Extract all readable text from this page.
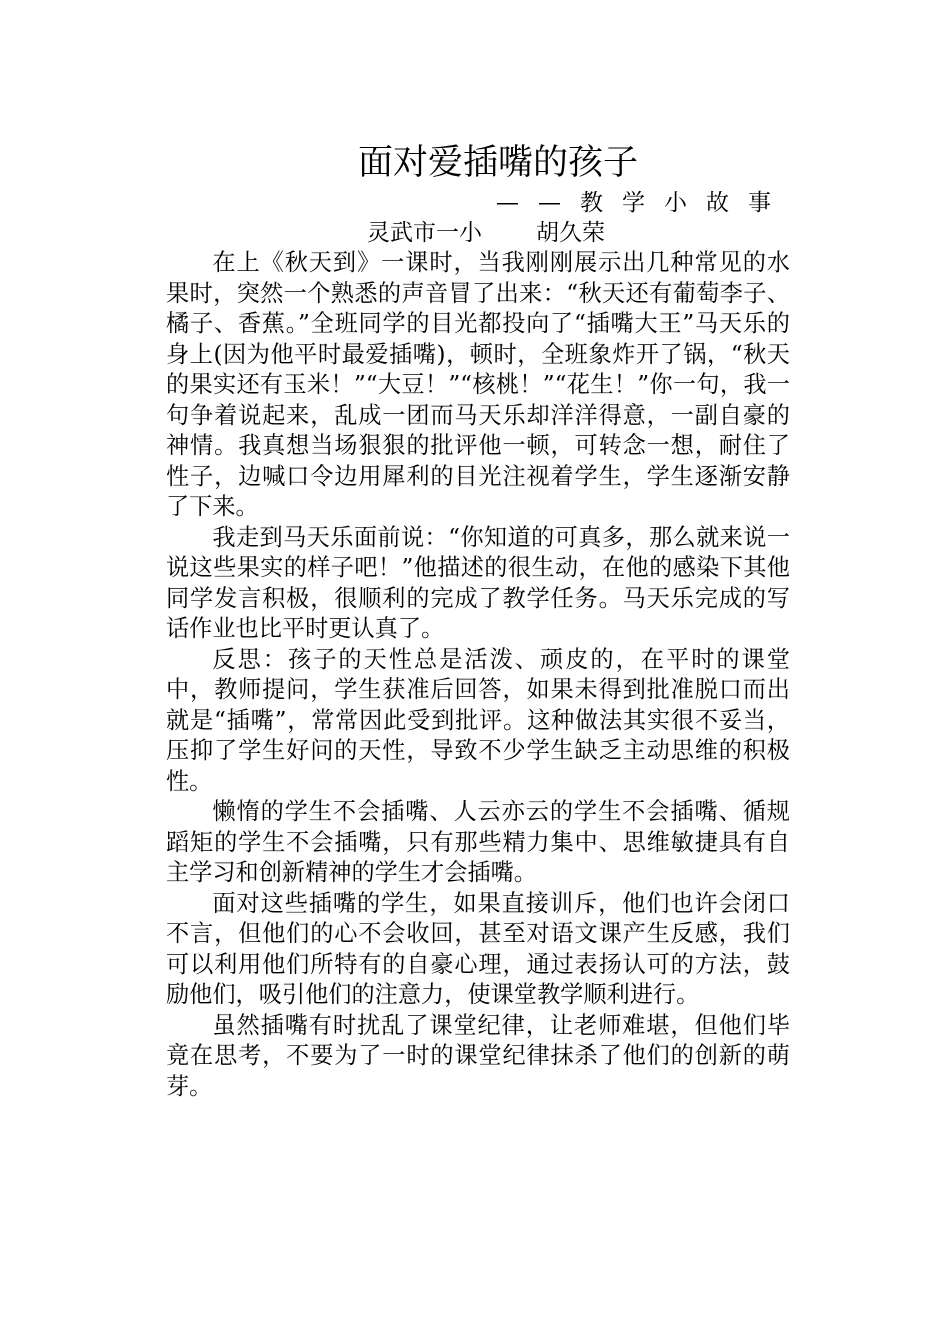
面对爱插嘴的孩子
——教学小故事
灵武市一小 胡久荣

在上《秋天到》一课时，当我刚刚展示出几种常见的水果时，突然一个熟悉的声音冒了出来：“秋天还有葡萄李子、橘子、香蕉。”全班同学的目光都投向了“插嘴大王”马天乐的身上(因为他平时最爱插嘴)，顿时，全班象炸开了锅，“秋天的果实还有玉米！”“大豆！”“核桃！”“花生！”你一句，我一句争着说起来，乱成一团而马天乐却洋洋得意，一副自豪的神情。我真想当场狠狠的批评他一顿，可转念一想，耐住了性子，边喊口令边用犀利的目光注视着学生，学生逐渐安静了下来。

我走到马天乐面前说：“你知道的可真多，那么就来说一说这些果实的样子吧！”他描述的很生动，在他的感染下其他同学发言积极，很顺利的完成了教学任务。马天乐完成的写话作业也比平时更认真了。

反思：孩子的天性总是活泼、顽皮的，在平时的课堂中，教师提问，学生获准后回答，如果未得到批准脱口而出就是“插嘴”，常常因此受到批评。这种做法其实很不妥当，压抑了学生好问的天性，导致不少学生缺乏主动思维的积极性。

懒惰的学生不会插嘴、人云亦云的学生不会插嘴、循规蹈矩的学生不会插嘴，只有那些精力集中、思维敏捷具有自主学习和创新精神的学生才会插嘴。

面对这些插嘴的学生，如果直接训斥，他们也许会闭口不言，但他们的心不会收回，甚至对语文课产生反感，我们可以利用他们所特有的自豪心理，通过表扬认可的方法，鼓励他们，吸引他们的注意力，使课堂教学顺利进行。

虽然插嘴有时扰乱了课堂纪律，让老师难堪，但他们毕竟在思考，不要为了一时的课堂纪律抹杀了他们的创新的萌芽。
